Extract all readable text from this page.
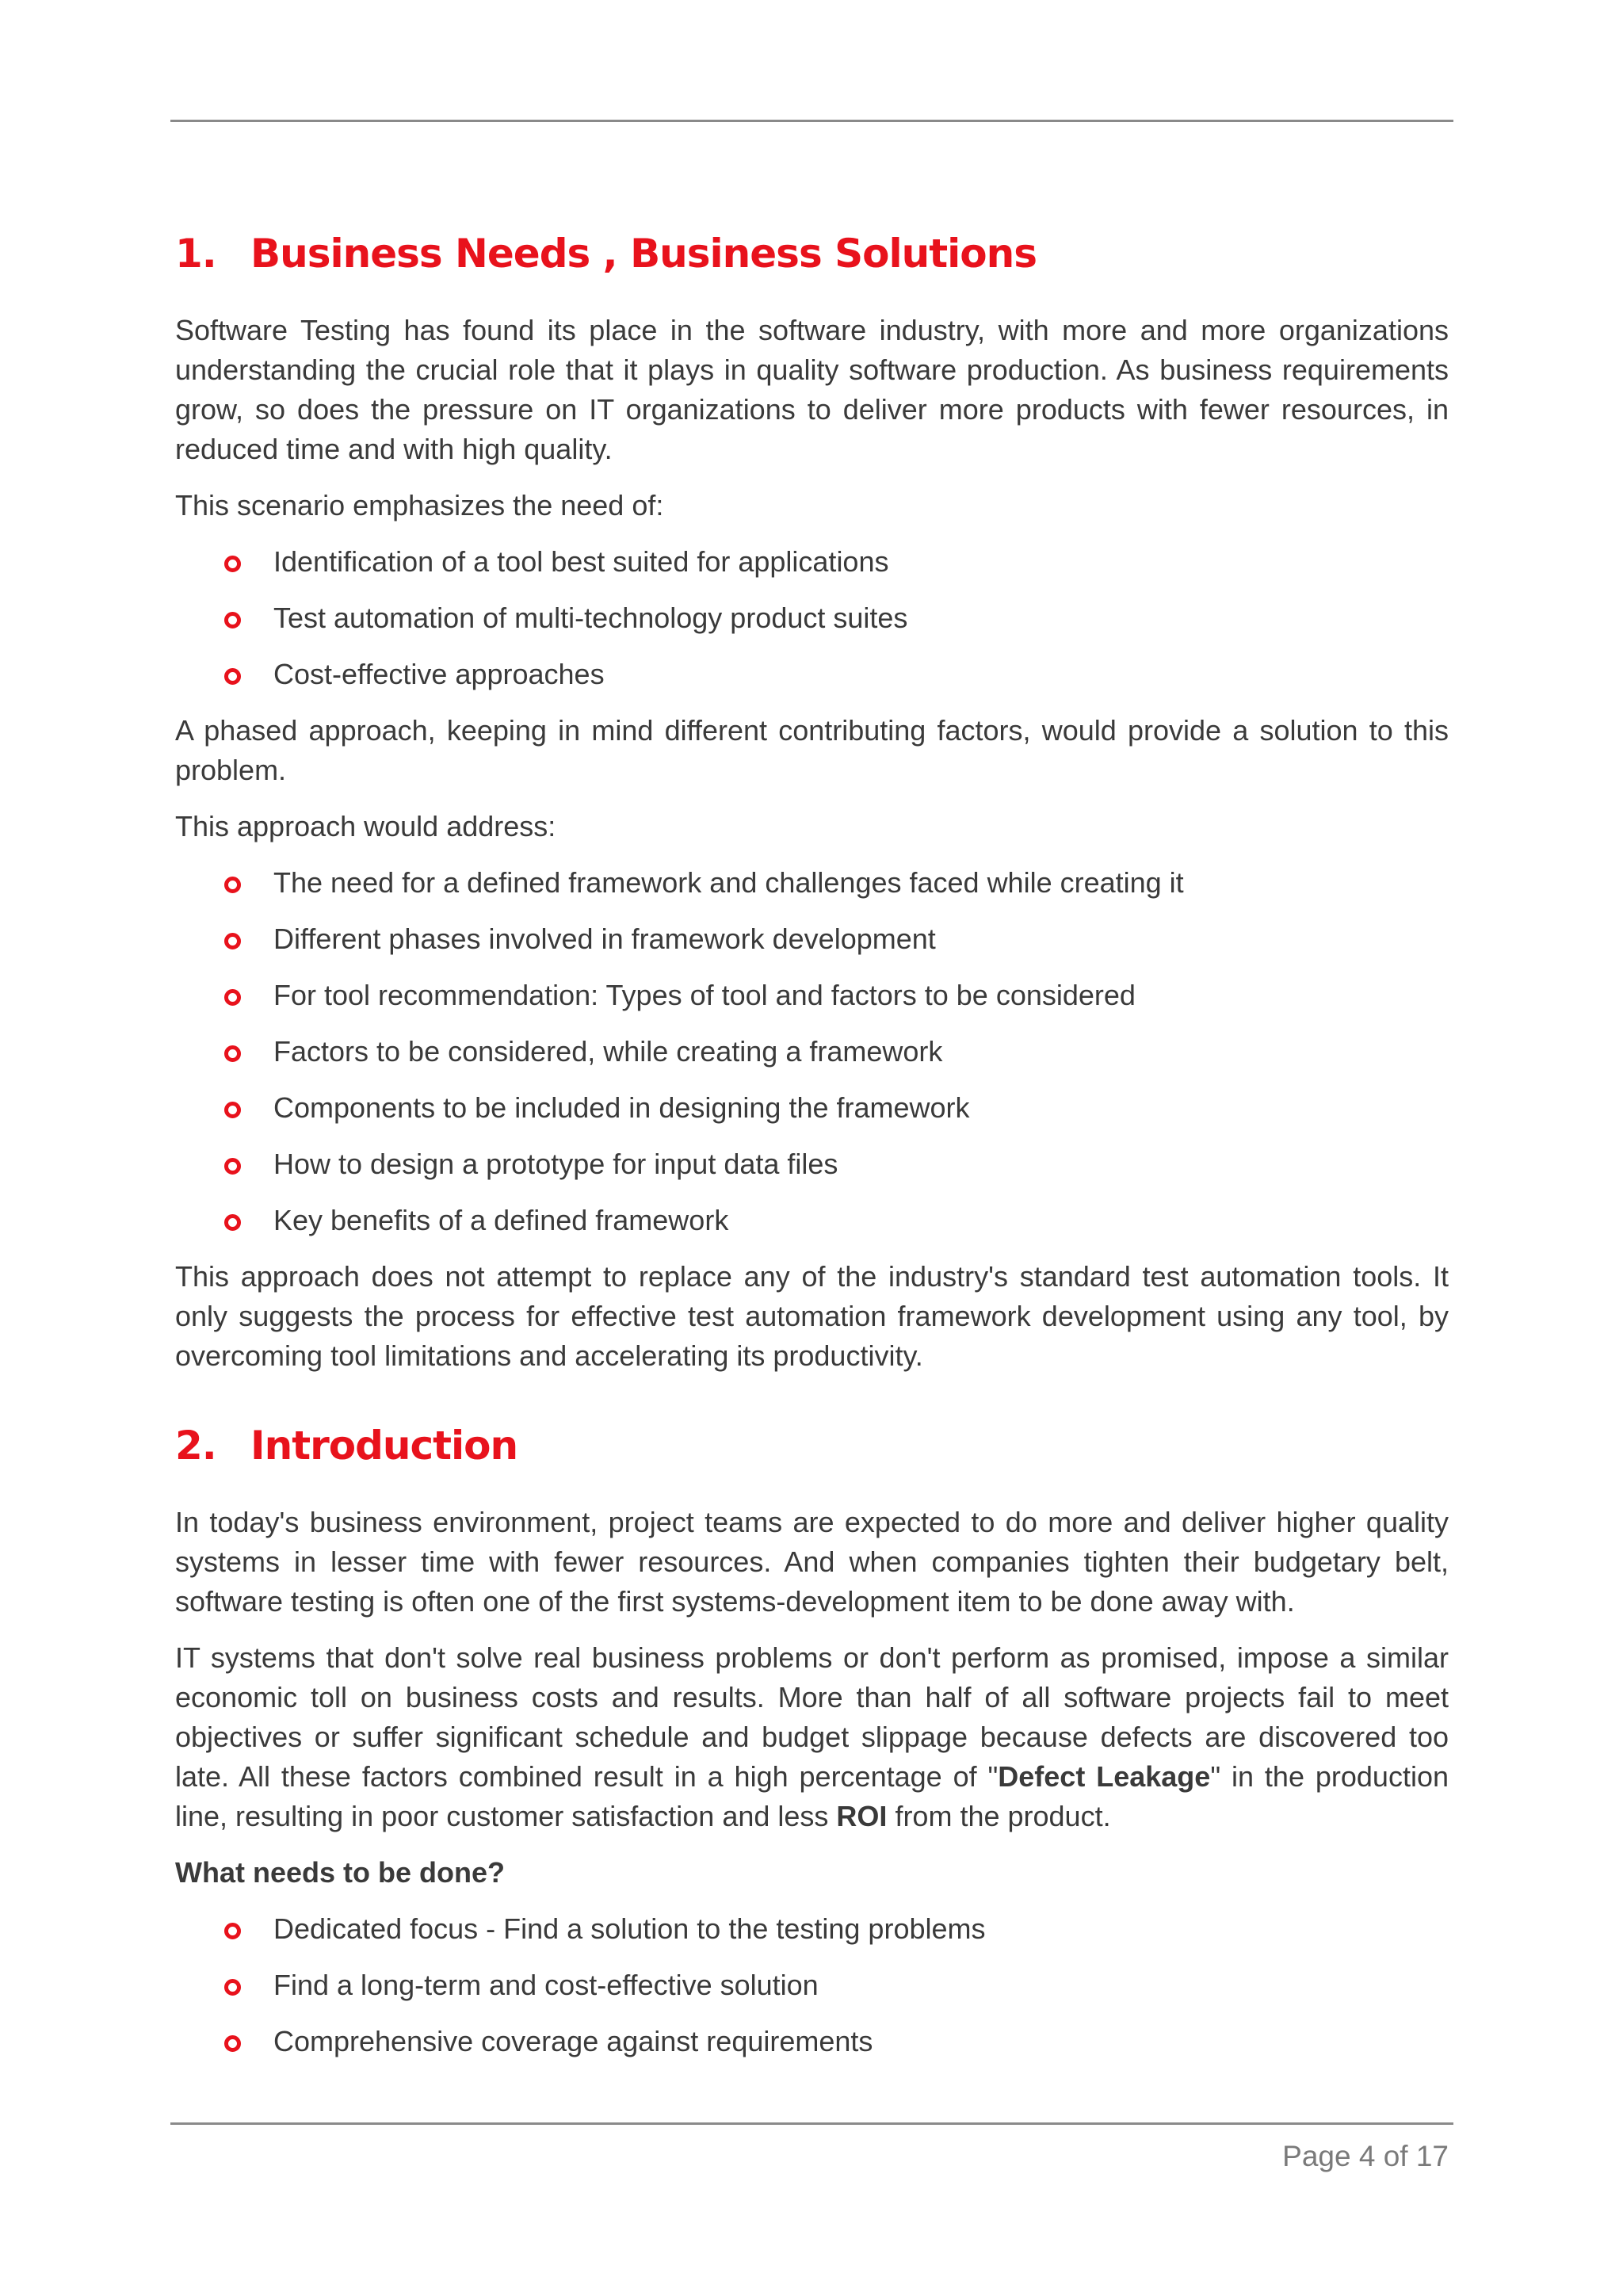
1. Business Needs , Business Solutions

Software Testing has found its place in the software industry, with more and more organizations understanding the crucial role that it plays in quality software production. As business requirements grow, so does the pressure on IT organizations to deliver more products with fewer resources, in reduced time and with high quality.

This scenario emphasizes the need of:

Identification of a tool best suited for applications
Test automation of multi-technology product suites
Cost-effective approaches

A phased approach, keeping in mind different contributing factors, would provide a solution to this problem.

This approach would address:

The need for a defined framework and challenges faced while creating it
Different phases involved in framework development
For tool recommendation: Types of tool and factors to be considered
Factors to be considered, while creating a framework
Components to be included in designing the framework
How to design a prototype for input data files
Key benefits of a defined framework

This approach does not attempt to replace any of the industry's standard test automation tools. It only suggests the process for effective test automation framework development using any tool, by overcoming tool limitations and accelerating its productivity.

2. Introduction

In today's business environment, project teams are expected to do more and deliver higher quality systems in lesser time with fewer resources. And when companies tighten their budgetary belt, software testing is often one of the first systems-development item to be done away with.

IT systems that don't solve real business problems or don't perform as promised, impose a similar economic toll on business costs and results. More than half of all software projects fail to meet objectives or suffer significant schedule and budget slippage because defects are discovered too late. All these factors combined result in a high percentage of "Defect Leakage" in the production line, resulting in poor customer satisfaction and less ROI from the product.

What needs to be done?

Dedicated focus - Find a solution to the testing problems
Find a long-term and cost-effective solution
Comprehensive coverage against requirements
Page 4 of 17
